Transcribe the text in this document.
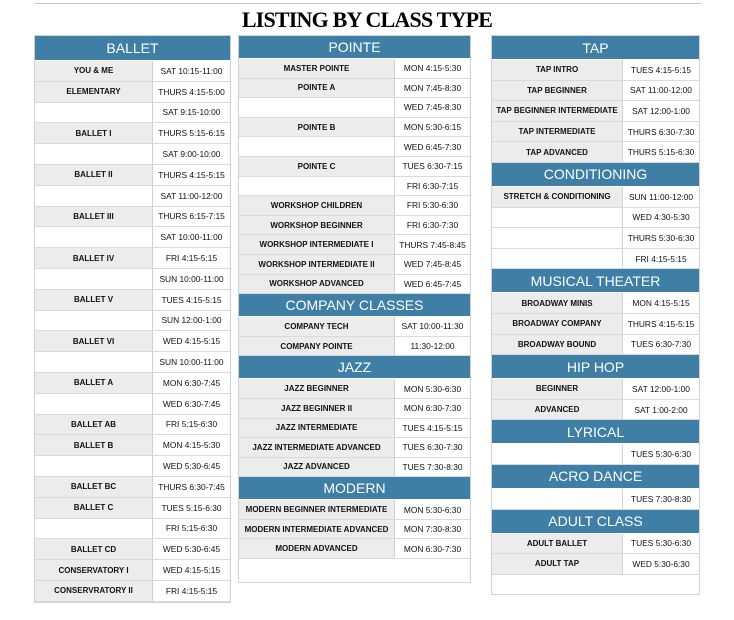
LISTING BY CLASS TYPE
BALLET
YOU & ME	SAT 10:15-11:00
ELEMENTARY	THURS 4:15-5:00
SAT 9:15-10:00
BALLET I	THURS 5:15-6:15
SAT 9:00-10:00
BALLET II	THURS 4:15-5:15
SAT 11:00-12:00
BALLET III	THURS 6:15-7:15
SAT 10:00-11:00
BALLET IV	FRI 4:15-5:15
SUN 10:00-11:00
BALLET V	TUES 4:15-5:15
SUN 12:00-1:00
BALLET VI	WED 4:15-5:15
SUN 10:00-11:00
BALLET A	MON 6:30-7:45
WED 6:30-7:45
BALLET AB	FRI 5:15-6:30
BALLET B	MON 4:15-5:30
WED 5:30-6:45
BALLET BC	THURS 6:30-7:45
BALLET C	TUES 5:15-6:30
FRI 5:15-6:30
BALLET CD	WED 5:30-6:45
CONSERVATORY I	WED 4:15-5:15
CONSERVRATORY II	FRI 4:15-5:15
POINTE
MASTER POINTE	MON 4:15-5:30
POINTE A	MON 7:45-8:30
WED 7:45-8:30
POINTE B	MON 5:30-6:15
WED 6:45-7:30
POINTE C	TUES 6:30-7:15
FRI 6:30-7:15
WORKSHOP CHILDREN	FRI 5:30-6:30
WORKSHOP BEGINNER	FRI 6:30-7:30
WORKSHOP INTERMEDIATE I	THURS 7:45-8:45
WORKSHOP INTERMEDIATE II	WED 7:45-8:45
WORKSHOP ADVANCED	WED 6:45-7:45
COMPANY CLASSES
COMPANY TECH	SAT 10:00-11:30
COMPANY POINTE	11:30-12:00
JAZZ
JAZZ BEGINNER	MON 5:30-6:30
JAZZ BEGINNER II	MON 6:30-7:30
JAZZ INTERMEDIATE	TUES 4:15-5:15
JAZZ INTERMEDIATE ADVANCED	TUES 6:30-7:30
JAZZ ADVANCED	TUES 7:30-8:30
MODERN
MODERN BEGINNER INTERMEDIATE	MON 5:30-6:30
MODERN INTERMEDIATE ADVANCED	MON 7:30-8:30
MODERN ADVANCED	MON 6:30-7:30
TAP
TAP INTRO	TUES 4:15-5:15
TAP BEGINNER	SAT 11:00-12:00
TAP BEGINNER INTERMEDIATE	SAT 12:00-1:00
TAP INTERMEDIATE	THURS 6:30-7:30
TAP ADVANCED	THURS 5:15-6:30
CONDITIONING
STRETCH & CONDITIONING	SUN 11:00-12:00
WED 4:30-5:30
THURS 5:30-6:30
FRI 4:15-5:15
MUSICAL THEATER
BROADWAY MINIS	MON 4:15-5:15
BROADWAY COMPANY	THURS 4:15-5:15
BROADWAY BOUND	TUES 6:30-7:30
HIP HOP
BEGINNER	SAT 12:00-1:00
ADVANCED	SAT 1:00-2:00
LYRICAL
TUES 5:30-6:30
ACRO DANCE
TUES 7:30-8:30
ADULT CLASS
ADULT BALLET	TUES 5:30-6:30
ADULT TAP	WED 5:30-6:30
